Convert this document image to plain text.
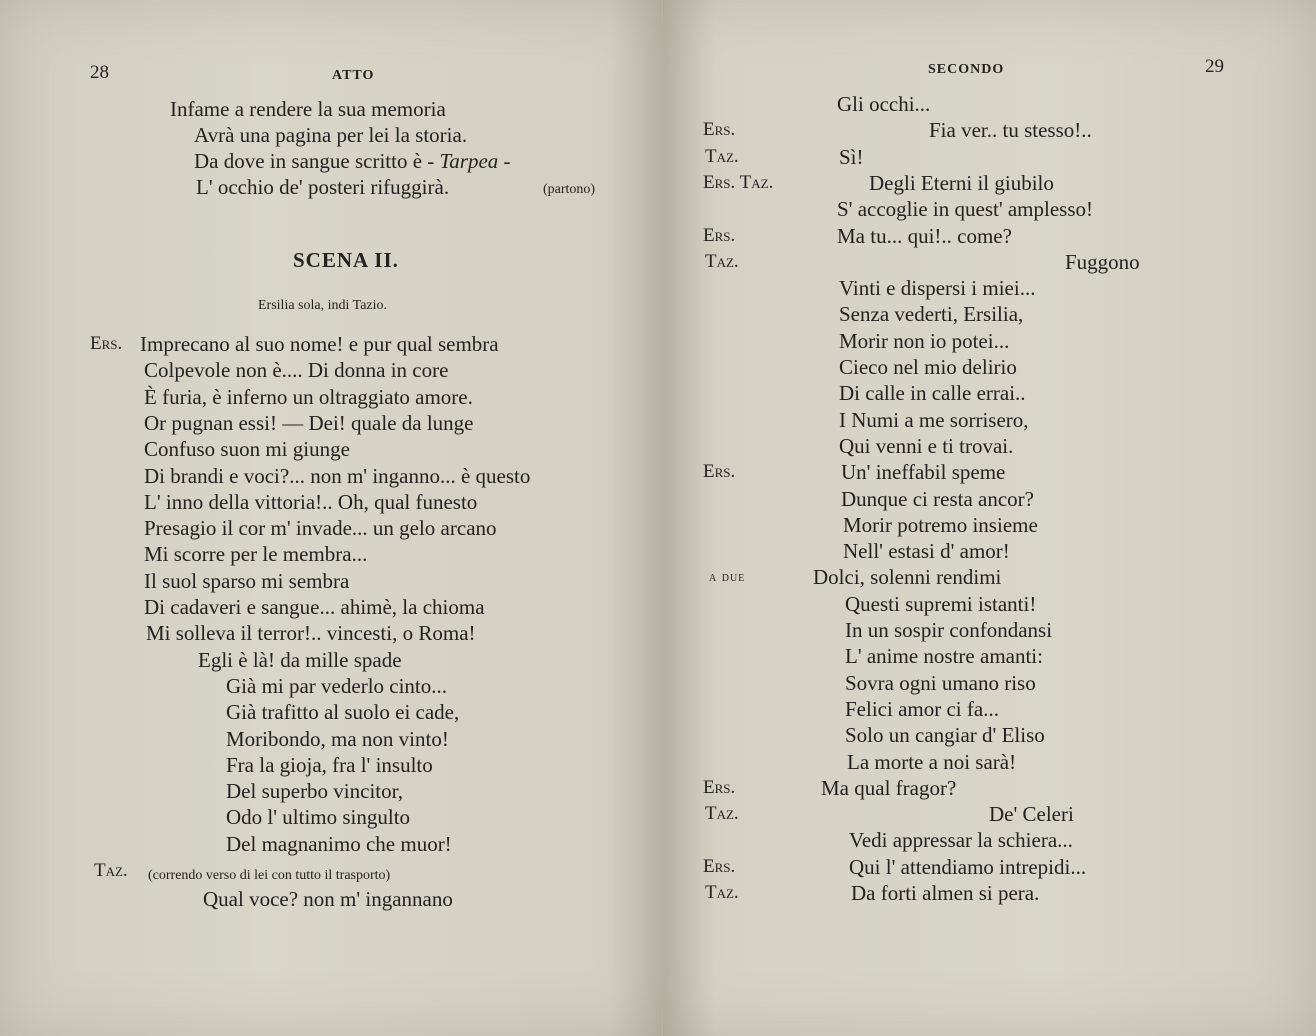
28	ATTO
Infame a rendere la sua memoria
Avrà una pagina per lei la storia.
Da dove in sangue scritto è - Tarpea -
L' occhio de' posteri rifuggirà.	(partono)
SCENA II.
Ersilia sola, indi Tazio.
Ers. Imprecano al suo nome! e pur qual sembra
Colpevole non è.... Di donna in core
È furia, è inferno un oltraggiato amore.
Or pugnan essi! — Dei! quale da lunge
Confuso suon mi giunge
Di brandi e voci?... non m' inganno... è questo
L' inno della vittoria!.. Oh, qual funesto
Presagio il cor m' invade... un gelo arcano
Mi scorre per le membra...
Il suol sparso mi sembra
Di cadaveri e sangue... ahimè, la chioma
Mi solleva il terror!.. vincesti, o Roma!
Egli è là! da mille spade
Già mi par vederlo cinto...
Già trafitto al suolo ei cade,
Moribondo, ma non vinto!
Fra la gioja, fra l' insulto
Del superbo vincitor,
Odo l' ultimo singulto
Del magnanimo che muor!
Taz. (correndo verso di lei con tutto il trasporto)
Qual voce? non m' ingannano
SECONDO	29
Gli occhi...
Ers.	Fia ver.. tu stesso!..
Taz.	Sì!
Ers. Taz.	Degli Eterni il giubilo
S' accoglie in quest' amplesso!
Ers.	Ma tu... qui!.. come?
Taz.	Fuggono
Vinti e dispersi i miei...
Senza vederti, Ersilia,
Morir non io potei...
Cieco nel mio delirio
Di calle in calle errai..
I Numi a me sorrisero,
Qui venni e ti trovai.
Ers.	Un' ineffabil speme
Dunque ci resta ancor?
Morir potremo insieme
Nell' estasi d' amor!
a due	Dolci, solenni rendimi
Questi supremi istanti!
In un sospir confondansi
L' anime nostre amanti:
Sovra ogni umano riso
Felici amor ci fa...
Solo un cangiar d' Eliso
La morte a noi sarà!
Ers.	Ma qual fragor?
Taz.	De' Celeri
Vedi appressar la schiera...
Ers.	Qui l' attendiamo intrepidi...
Taz.	Da forti almen si pera.
